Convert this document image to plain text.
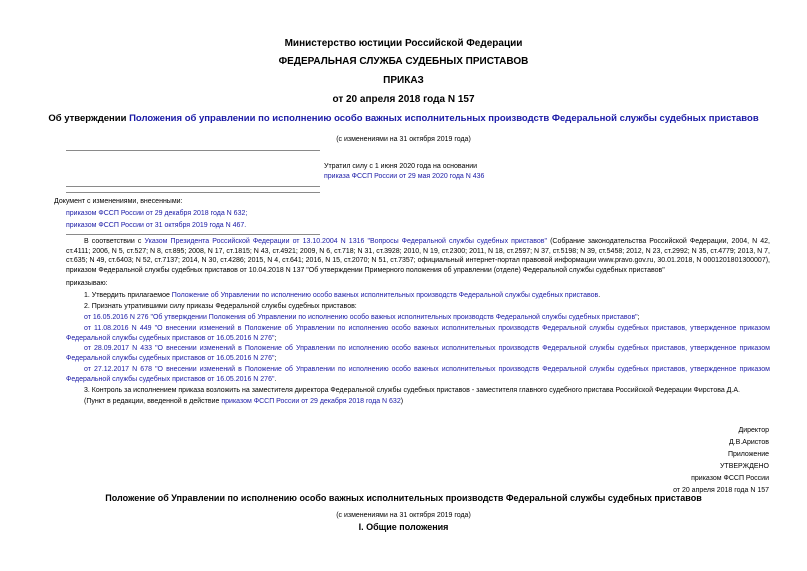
Министерство юстиции Российской Федерации
ФЕДЕРАЛЬНАЯ СЛУЖБА СУДЕБНЫХ ПРИСТАВОВ
ПРИКАЗ
от 20 апреля 2018 года N 157
Об утверждении Положения об управлении по исполнению особо важных исполнительных производств Федеральной службы судебных приставов
(с изменениями на 31 октября 2019 года)
Утратил силу с 1 июня 2020 года на основании
приказа ФССП России от 29 мая 2020 года N 436
Документ с изменениями, внесенными:
приказом ФССП России от 29 декабря 2018 года N 632;
приказом ФССП России от 31 октября 2019 года N 467.
В соответствии с Указом Президента Российской Федерации от 13.10.2004 N 1316 "Вопросы Федеральной службы судебных приставов" (Собрание законодательства Российской Федерации, 2004, N 42, ст.4111; 2006, N 5, ст.527; N 8, ст.895; 2008, N 17, ст.1815; N 43, ст.4921; 2009, N 6, ст.718; N 31, ст.3928; 2010, N 19, ст.2300; 2011, N 18, ст.2597; N 37, ст.5198; N 39, ст.5458; 2012, N 23, ст.2992; N 35, ст.4779; 2013, N 7, ст.635; N 49, ст.6403; N 52, ст.7137; 2014, N 30, ст.4286; 2015, N 4, ст.641; 2016, N 15, ст.2070; N 51, ст.7357; официальный интернет-портал правовой информации www.pravo.gov.ru, 30.01.2018, N 0001201801300007), приказом Федеральной службы судебных приставов от 10.04.2018 N 137 "Об утверждении Примерного положения об управлении (отделе) Федеральной службы судебных приставов"
приказываю:
1. Утвердить прилагаемое Положение об Управлении по исполнению особо важных исполнительных производств Федеральной службы судебных приставов.
2. Признать утратившими силу приказы Федеральной службы судебных приставов:
от 16.05.2016 N 276 "Об утверждении Положения об Управлении по исполнению особо важных исполнительных производств Федеральной службы судебных приставов";
от 11.08.2016 N 449 "О внесении изменений в Положение об Управлении по исполнению особо важных исполнительных производств Федеральной службы судебных приставов, утвержденное приказом Федеральной службы судебных приставов от 16.05.2016 N 276";
от 28.09.2017 N 433 "О внесении изменений в Положение об Управлении по исполнению особо важных исполнительных производств Федеральной службы судебных приставов, утвержденное приказом Федеральной службы судебных приставов от 16.05.2016 N 276";
от 27.12.2017 N 678 "О внесении изменений в Положение об Управлении по исполнению особо важных исполнительных производств Федеральной службы судебных приставов, утвержденное приказом Федеральной службы судебных приставов от 16.05.2016 N 276".
3. Контроль за исполнением приказа возложить на заместителя директора Федеральной службы судебных приставов - заместителя главного судебного пристава Российской Федерации Фирстова Д.А.
(Пункт в редакции, введенной в действие приказом ФССП России от 29 декабря 2018 года N 632)
Директор
Д.В.Аристов
Приложение
УТВЕРЖДЕНО
приказом ФССП России
от 20 апреля 2018 года N 157
Положение об Управлении по исполнению особо важных исполнительных производств Федеральной службы судебных приставов
(с изменениями на 31 октября 2019 года)
I. Общие положения
